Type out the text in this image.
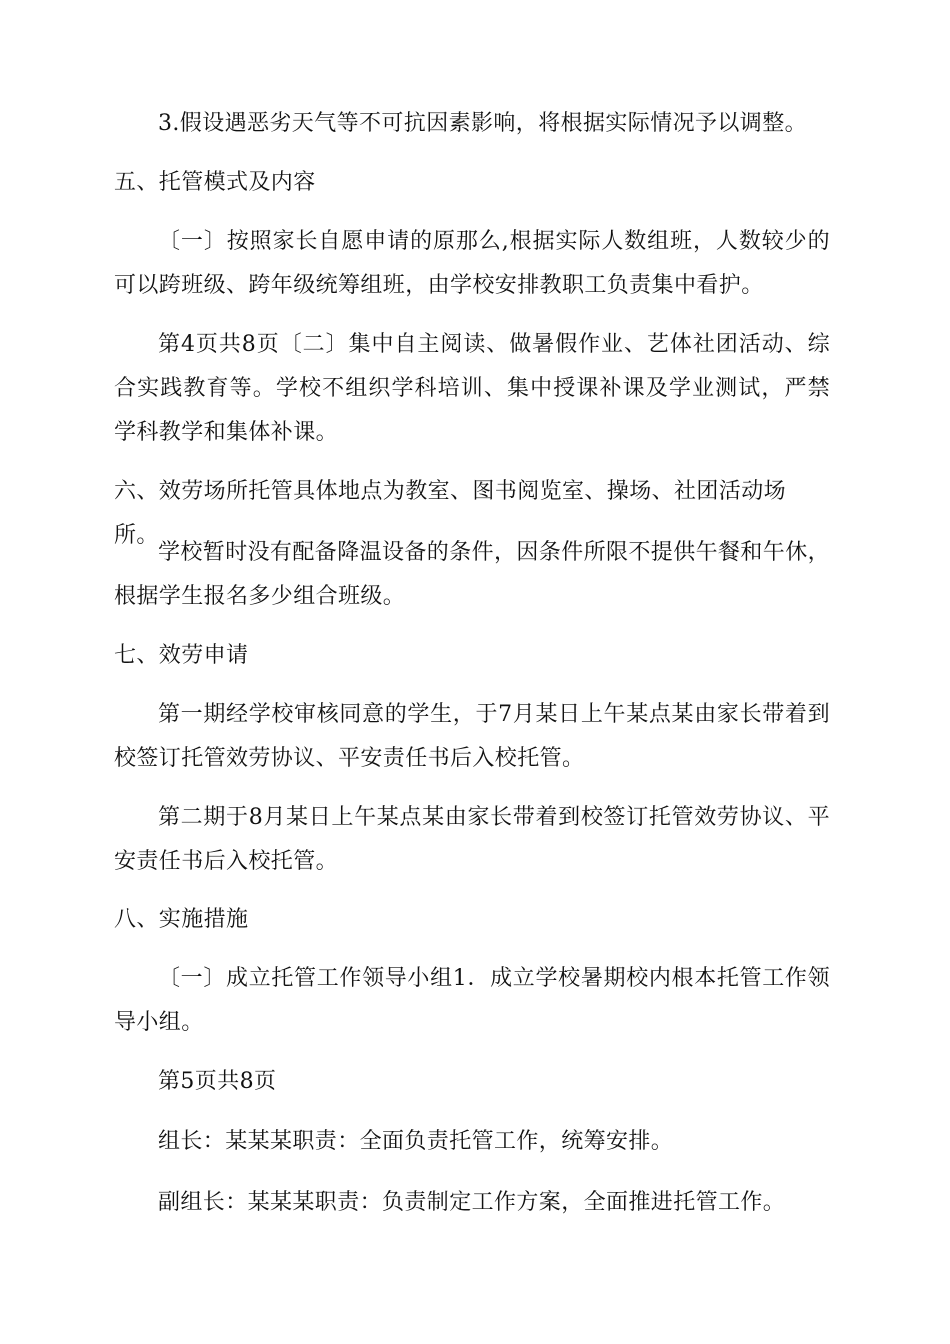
3.假设遇恶劣天气等不可抗因素影响，将根据实际情况予以调整。

五、托管模式及内容

〔一〕按照家长自愿申请的原那么,根据实际人数组班，人数较少的可以跨班级、跨年级统筹组班，由学校安排教职工负责集中看护。

第4页共8页〔二〕集中自主阅读、做暑假作业、艺体社团活动、综合实践教育等。学校不组织学科培训、集中授课补课及学业测试，严禁学科教学和集体补课。

六、效劳场所托管具体地点为教室、图书阅览室、操场、社团活动场所。

学校暂时没有配备降温设备的条件，因条件所限不提供午餐和午休，根据学生报名多少组合班级。

七、效劳申请

第一期经学校审核同意的学生，于7月某日上午某点某由家长带着到校签订托管效劳协议、平安责任书后入校托管。

第二期于8月某日上午某点某由家长带着到校签订托管效劳协议、平安责任书后入校托管。

八、实施措施

〔一〕成立托管工作领导小组1．成立学校暑期校内根本托管工作领导小组。

第5页共8页

组长：某某某职责：全面负责托管工作，统筹安排。

副组长：某某某职责：负责制定工作方案，全面推进托管工作。
